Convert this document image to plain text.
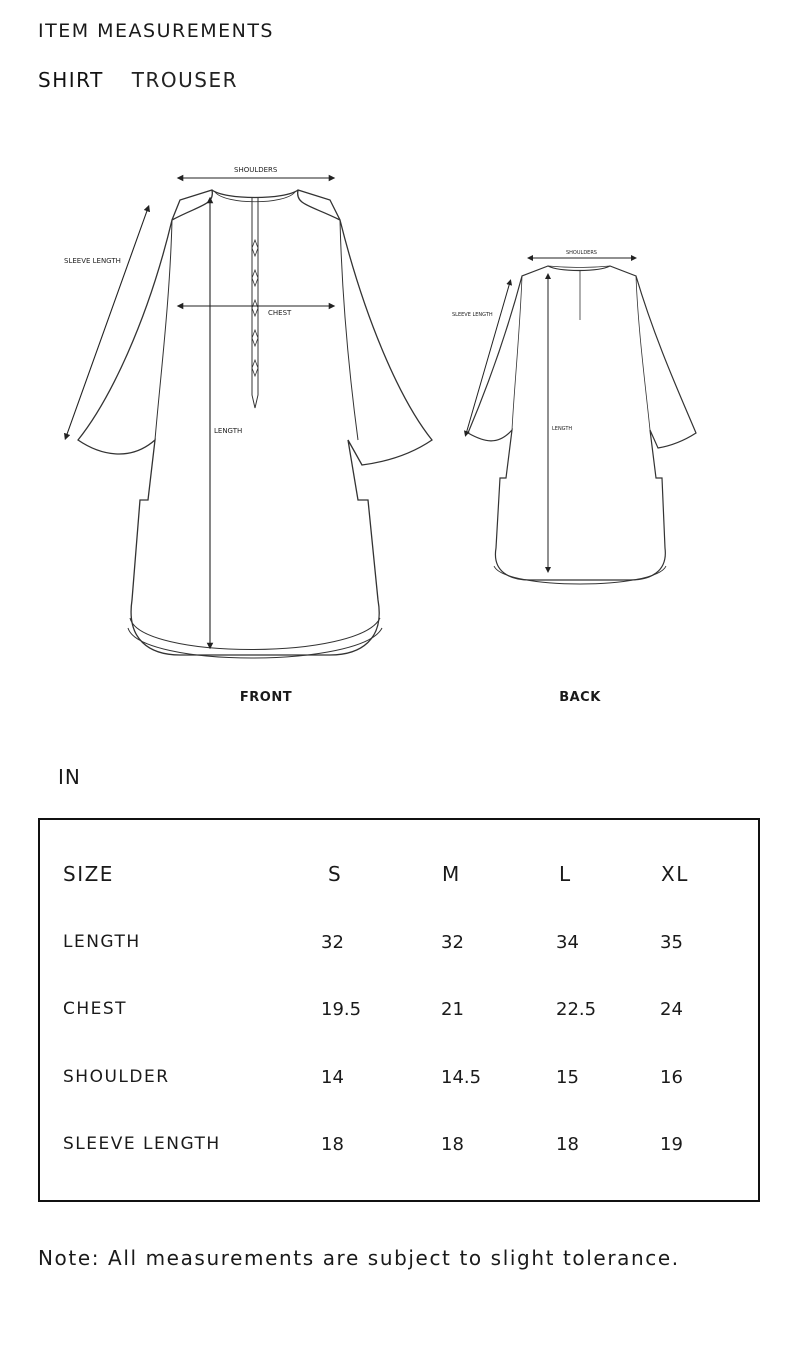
ITEM MEASUREMENTS
SHIRT TROUSER
SHOULDERS
SLEEVE LENGTH
CHEST
LENGTH
SHOULDERS
SLEEVE LENGTH
LENGTH
FRONT	BACK
IN
SIZE	S	M	L	XL
LENGTH	32	32	34	35
CHEST	19.5	21	22.5	24
SHOULDER	14	14.5	15	16
SLEEVE LENGTH	18	18	18	19
Note: All measurements are subject to slight tolerance.
